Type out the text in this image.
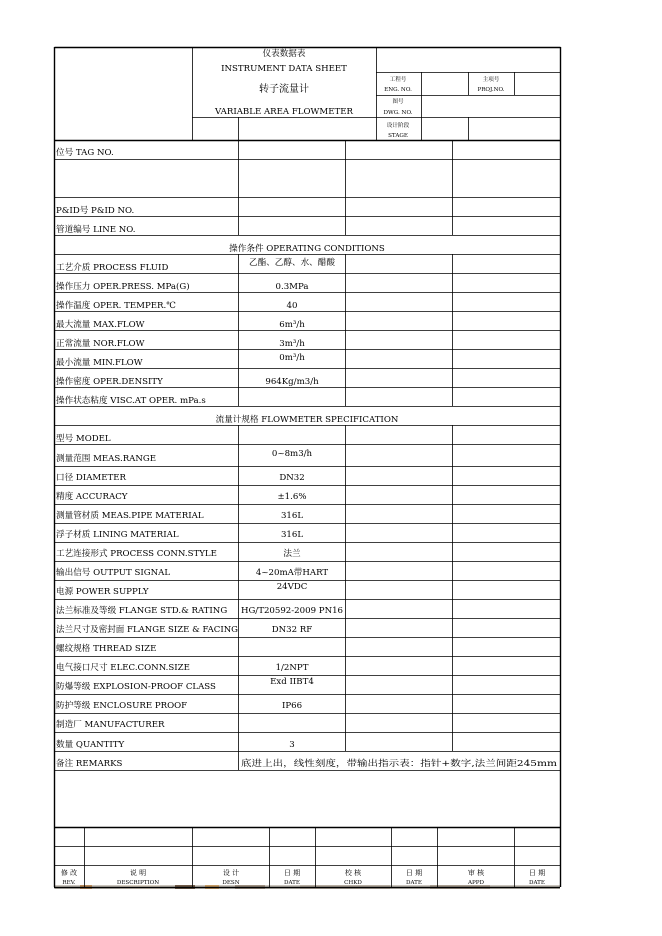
仪表数据表
INSTRUMENT DATA SHEET
转子流量计
VARIABLE AREA FLOWMETER
工程号
ENG. NO.
主项号
PROJ.NO.
图号
DWG. NO.
设计阶段
STAGE
位号 TAG NO.
P&ID号 P&ID NO.
管道编号 LINE NO.
操作条件 OPERATING CONDITIONS
工艺介质 PROCESS FLUID
操作压力 OPER.PRESS. MPa(G)
操作温度 OPER. TEMPER.℃
最大流量 MAX.FLOW
正常流量 NOR.FLOW
最小流量 MIN.FLOW
操作密度 OPER.DENSITY
操作状态粘度 VISC.AT OPER. mPa.s
流量计规格 FLOWMETER SPECIFICATION
型号 MODEL
测量范围 MEAS.RANGE
口径 DIAMETER
精度 ACCURACY
测量管材质 MEAS.PIPE MATERIAL
浮子材质 LINING MATERIAL
工艺连接形式 PROCESS CONN.STYLE
输出信号 OUTPUT SIGNAL
电源 POWER SUPPLY
法兰标准及等级 FLANGE STD.& RATING
法兰尺寸及密封面 FLANGE SIZE & FACING
螺纹规格 THREAD SIZE
电气接口尺寸 ELEC.CONN.SIZE
防爆等级 EXPLOSION-PROOF CLASS
防护等级 ENCLOSURE PROOF
制造厂 MANUFACTURER
数量 QUANTITY
备注 REMARKS
乙酯、乙醇、水、醋酸
0.3MPa
40
6m³/h
3m³/h
0m³/h
964Kg/m3/h
0~8m3/h
DN32
±1.6%
316L
316L
法兰
4~20mA带HART
24VDC
HG/T20592-2009 PN16
DN32 RF
1/2NPT
Exd IIBT4
IP66
3
底进上出，线性刻度，带输出指示表：指针+数字,法兰间距245mm
修 改
REV.
说 明
DESCRIPTION
设 计
DESN
日 期
DATE
校 核
CHKD
日 期
DATE
审 核
APPD
日 期
DATE
